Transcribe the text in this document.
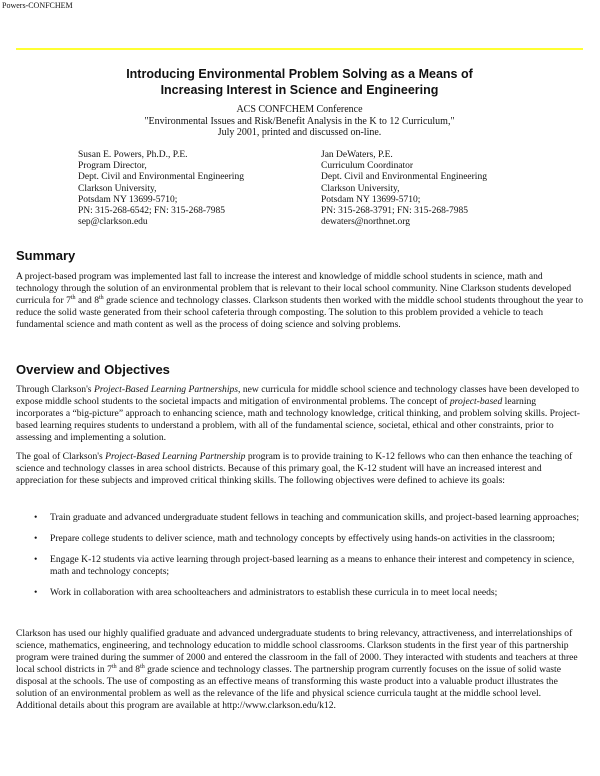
Powers-CONFCHEM
Introducing Environmental Problem Solving as a Means of
Increasing Interest in Science and Engineering
ACS CONFCHEM Conference
"Environmental Issues and Risk/Benefit Analysis in the K to 12 Curriculum,"
July 2001, printed and discussed on-line.
Susan E. Powers, Ph.D., P.E.
Program Director,
Dept. Civil and Environmental Engineering
Clarkson University,
Potsdam NY 13699-5710;
PN: 315-268-6542; FN: 315-268-7985
sep@clarkson.edu
Jan DeWaters, P.E.
Curriculum Coordinator
Dept. Civil and Environmental Engineering
Clarkson University,
Potsdam NY 13699-5710;
PN: 315-268-3791; FN: 315-268-7985
dewaters@northnet.org
Summary

A project-based program was implemented last fall to increase the interest and knowledge of middle school students in science, math and technology through the solution of an environmental problem that is relevant to their local school community. Nine Clarkson students developed curricula for 7th and 8th grade science and technology classes. Clarkson students then worked with the middle school students throughout the year to reduce the solid waste generated from their school cafeteria through composting. The solution to this problem provided a vehicle to teach fundamental science and math content as well as the process of doing science and solving problems.

Overview and Objectives

Through Clarkson's Project-Based Learning Partnerships, new curricula for middle school science and technology classes have been developed to expose middle school students to the societal impacts and mitigation of environmental problems. The concept of project-based learning incorporates a “big-picture” approach to enhancing science, math and technology knowledge, critical thinking, and problem solving skills. Project-based learning requires students to understand a problem, with all of the fundamental science, societal, ethical and other constraints, prior to assessing and implementing a solution.

The goal of Clarkson's Project-Based Learning Partnership program is to provide training to K-12 fellows who can then enhance the teaching of science and technology classes in area school districts. Because of this primary goal, the K-12 student will have an increased interest and appreciation for these subjects and improved critical thinking skills. The following objectives were defined to achieve its goals:

• Train graduate and advanced undergraduate student fellows in teaching and communication skills, and project-based learning approaches;
• Prepare college students to deliver science, math and technology concepts by effectively using hands-on activities in the classroom;
• Engage K-12 students via active learning through project-based learning as a means to enhance their interest and competency in science, math and technology concepts;
• Work in collaboration with area schoolteachers and administrators to establish these curricula in to meet local needs;

Clarkson has used our highly qualified graduate and advanced undergraduate students to bring relevancy, attractiveness, and interrelationships of science, mathematics, engineering, and technology education to middle school classrooms. Clarkson students in the first year of this partnership program were trained during the summer of 2000 and entered the classroom in the fall of 2000. They interacted with students and teachers at three local school districts in 7th and 8th grade science and technology classes. The partnership program currently focuses on the issue of solid waste disposal at the schools. The use of composting as an effective means of transforming this waste product into a valuable product illustrates the solution of an environmental problem as well as the relevance of the life and physical science curricula taught at the middle school level. Additional details about this program are available at http://www.clarkson.edu/k12.
